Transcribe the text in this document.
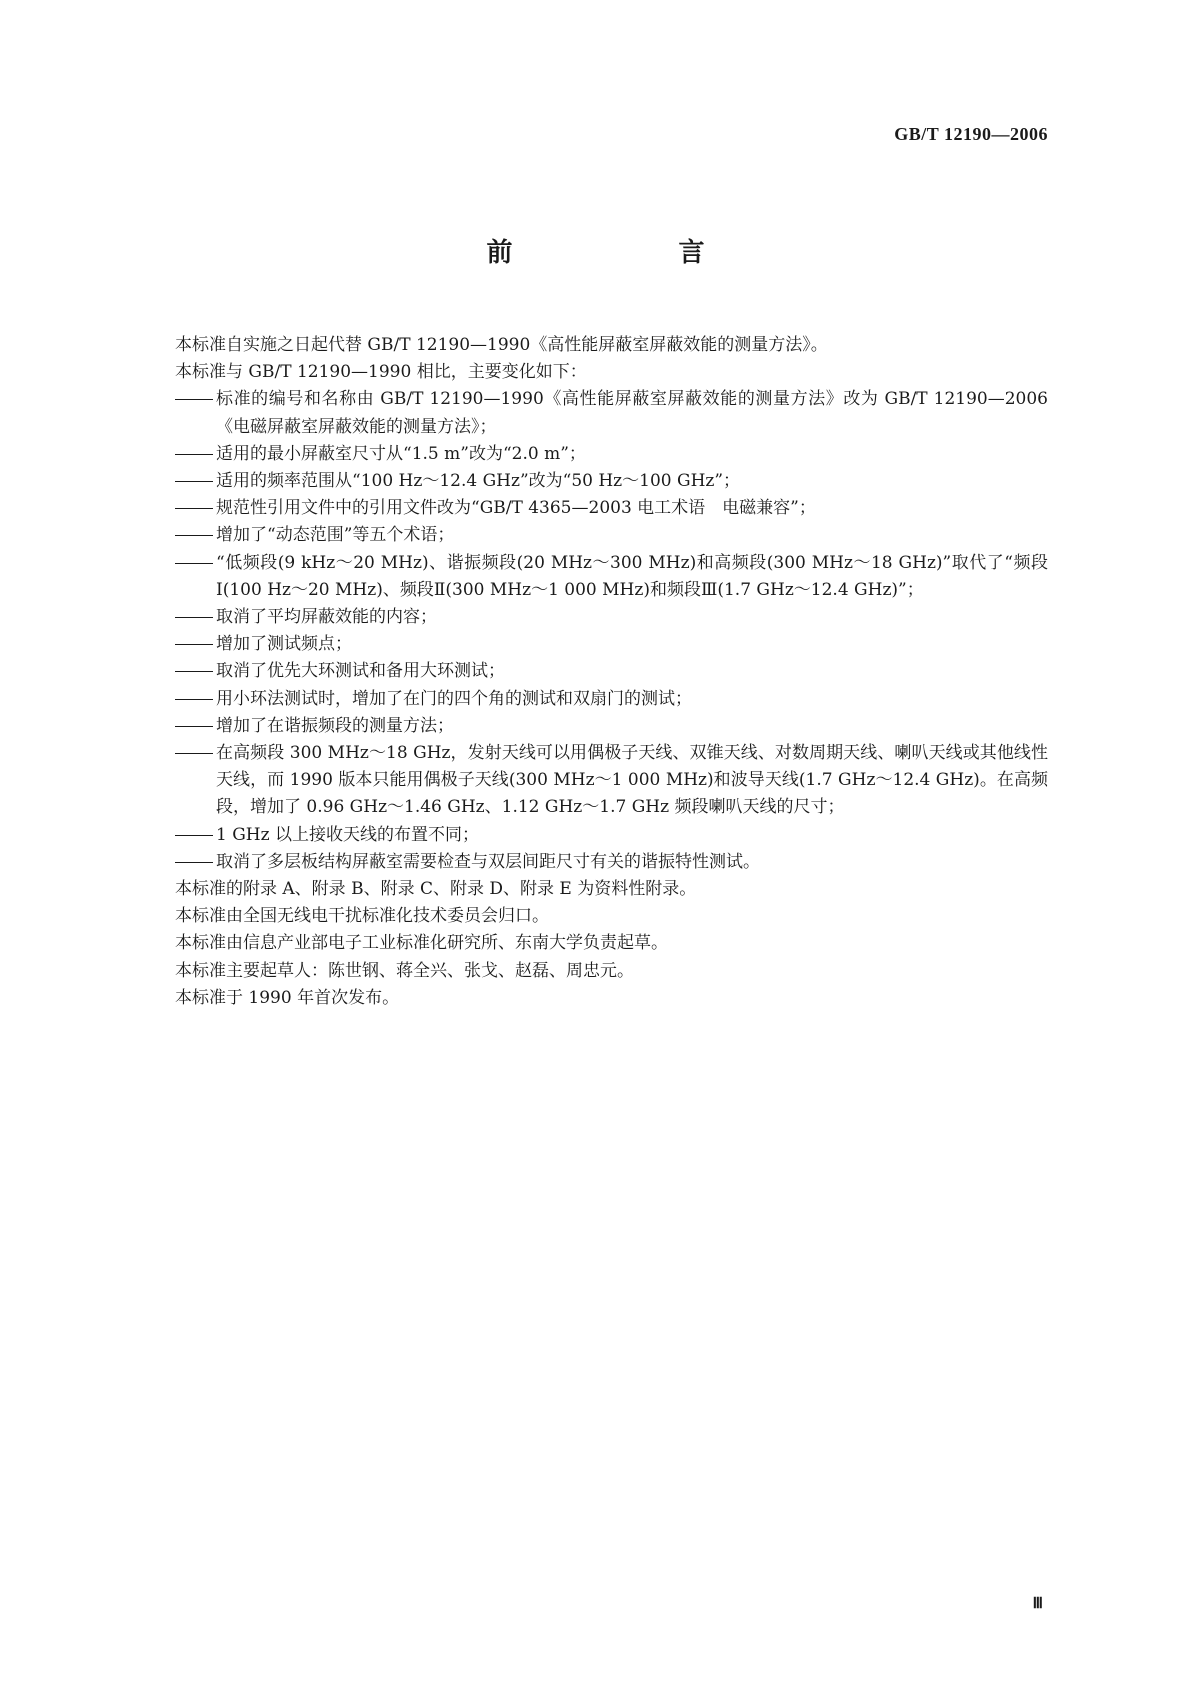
GB/T 12190—2006
前　　言

本标准自实施之日起代替 GB/T 12190—1990《高性能屏蔽室屏蔽效能的测量方法》。

本标准与 GB/T 12190—1990 相比，主要变化如下：

标准的编号和名称由 GB/T 12190—1990《高性能屏蔽室屏蔽效能的测量方法》改为 GB/T 12190—2006《电磁屏蔽室屏蔽效能的测量方法》；

适用的最小屏蔽室尺寸从“1.5 m”改为“2.0 m”；

适用的频率范围从“100 Hz～12.4 GHz”改为“50 Hz～100 GHz”；

规范性引用文件中的引用文件改为“GB/T 4365—2003 电工术语　电磁兼容”；

增加了“动态范围”等五个术语；

“低频段(9 kHz～20 MHz)、谐振频段(20 MHz～300 MHz)和高频段(300 MHz～18 GHz)”取代了“频段Ⅰ(100 Hz～20 MHz)、频段Ⅱ(300 MHz～1 000 MHz)和频段Ⅲ(1.7 GHz～12.4 GHz)”；

取消了平均屏蔽效能的内容；

增加了测试频点；

取消了优先大环测试和备用大环测试；

用小环法测试时，增加了在门的四个角的测试和双扇门的测试；

增加了在谐振频段的测量方法；

在高频段 300 MHz～18 GHz，发射天线可以用偶极子天线、双锥天线、对数周期天线、喇叭天线或其他线性天线，而 1990 版本只能用偶极子天线(300 MHz～1 000 MHz)和波导天线(1.7 GHz～12.4 GHz)。在高频段，增加了 0.96 GHz～1.46 GHz、1.12 GHz～1.7 GHz 频段喇叭天线的尺寸；

1 GHz 以上接收天线的布置不同；

取消了多层板结构屏蔽室需要检查与双层间距尺寸有关的谐振特性测试。

本标准的附录 A、附录 B、附录 C、附录 D、附录 E 为资料性附录。

本标准由全国无线电干扰标准化技术委员会归口。

本标准由信息产业部电子工业标准化研究所、东南大学负责起草。

本标准主要起草人：陈世钢、蒋全兴、张戈、赵磊、周忠元。

本标准于 1990 年首次发布。

Ⅲ
